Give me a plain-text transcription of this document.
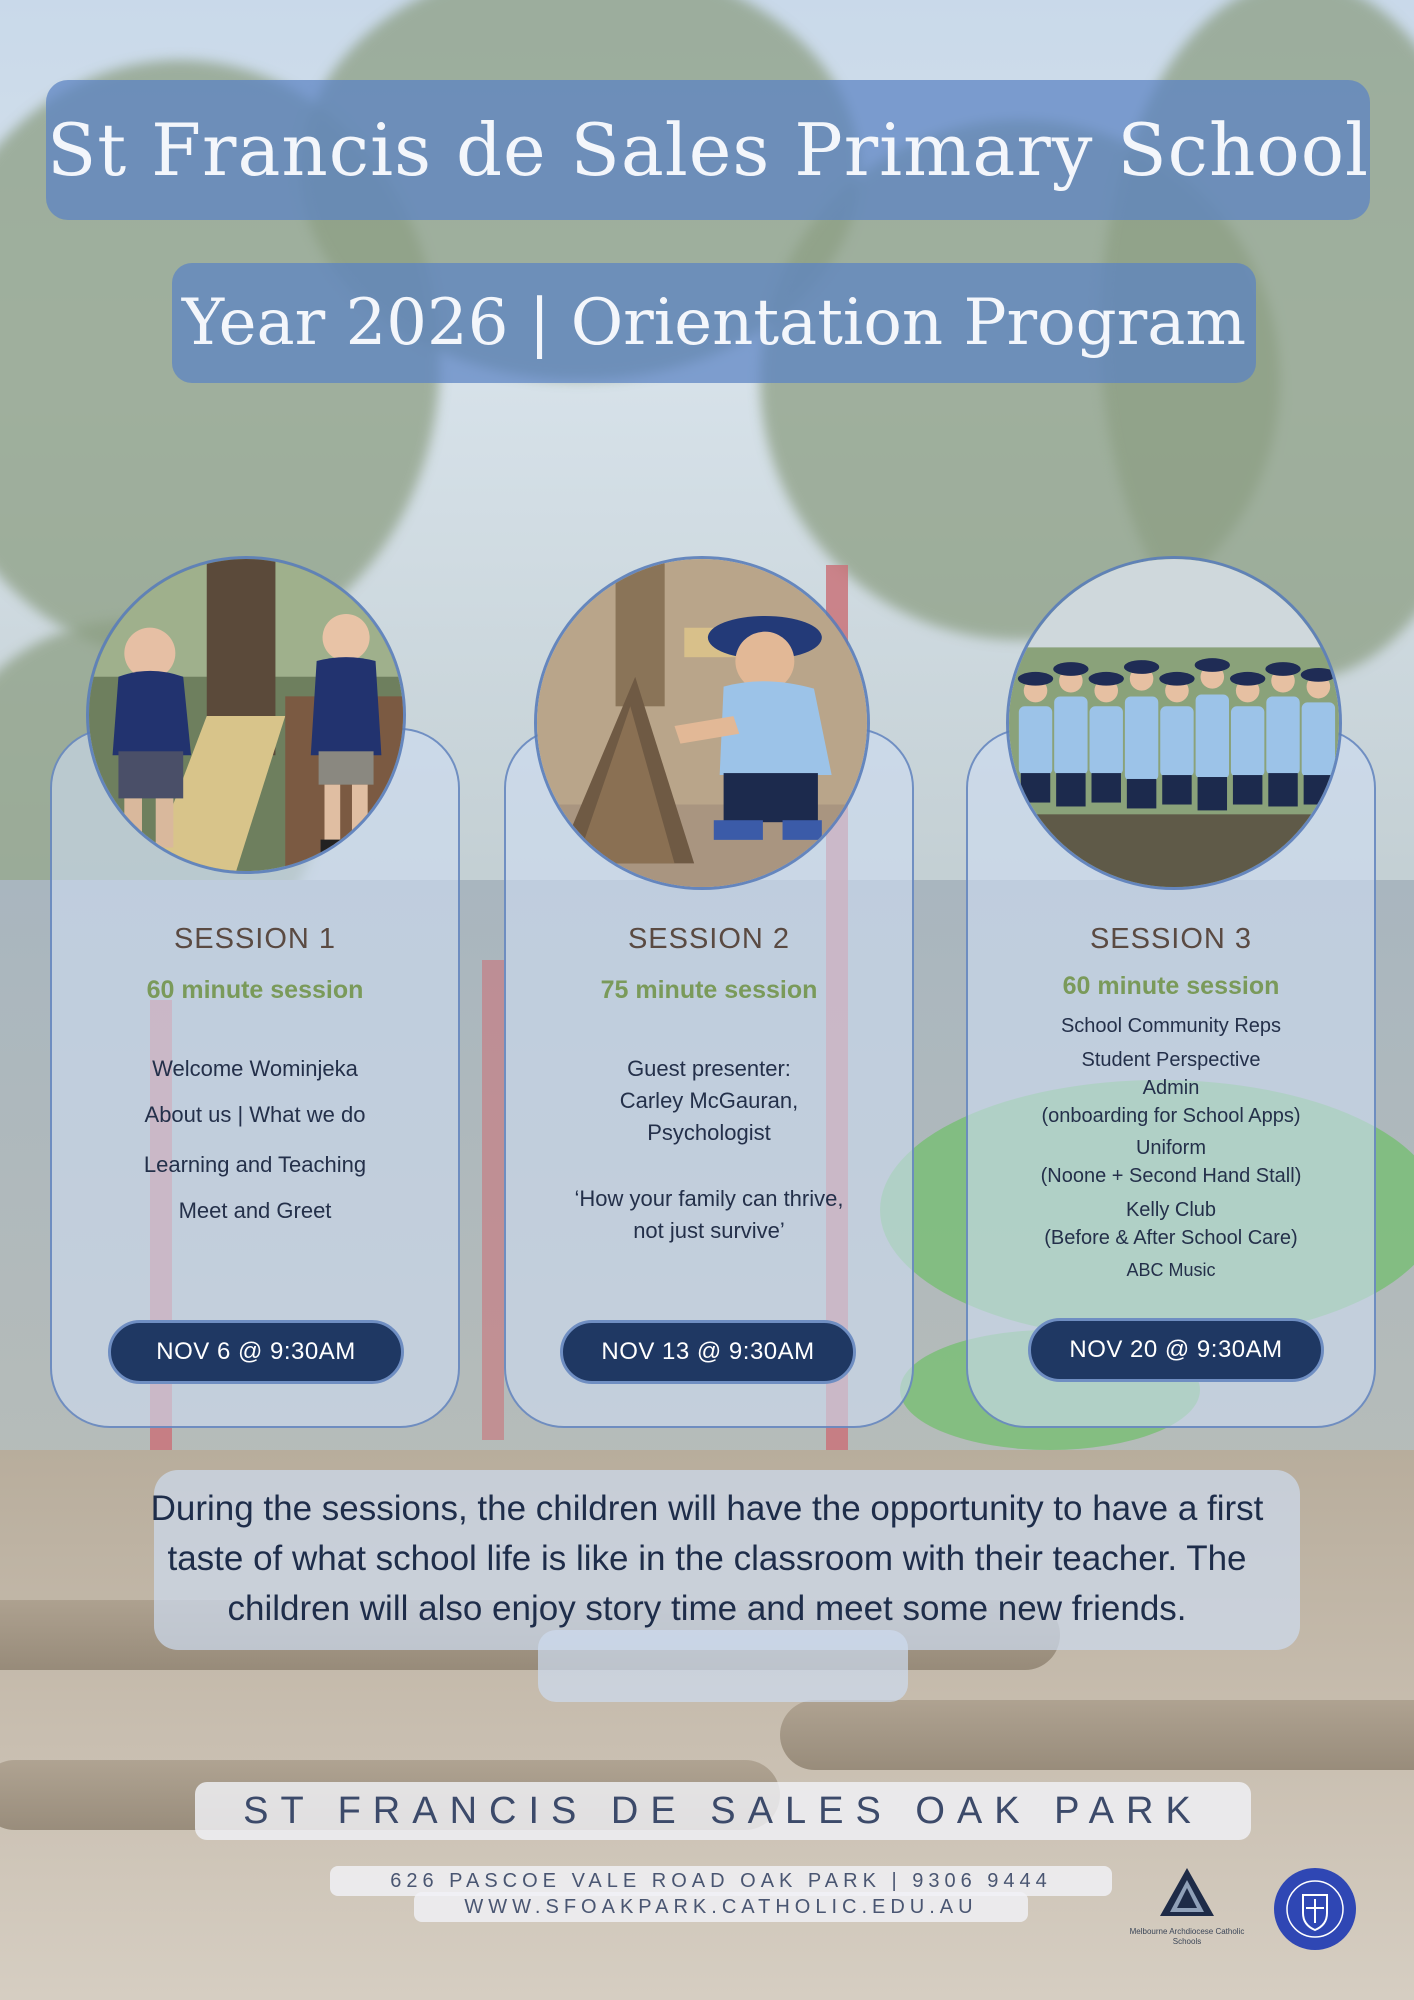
St Francis de Sales Primary School
Year 2026 | Orientation Program
SESSION 1
60 minute session
Welcome Wominjeka
About us | What we do
Learning and Teaching
Meet and Greet
NOV 6 @ 9:30AM
SESSION 2
75 minute session
Guest presenter:
Carley McGauran,
Psychologist
‘How your family can thrive,
not just survive’
NOV 13 @ 9:30AM
SESSION 3
60 minute session
School Community Reps
Student Perspective
Admin
(onboarding for School Apps)
Uniform
(Noone + Second Hand Stall)
Kelly Club
(Before & After School Care)
ABC Music
NOV 20 @ 9:30AM

During the sessions, the children will have the opportunity to have a first taste of what school life is like in the classroom with their teacher. The children will also enjoy story time and meet some new friends.

ST FRANCIS DE SALES OAK PARK
626 PASCOE VALE ROAD OAK PARK | 9306 9444
WWW.SFOAKPARK.CATHOLIC.EDU.AU
Melbourne Archdiocese Catholic Schools
